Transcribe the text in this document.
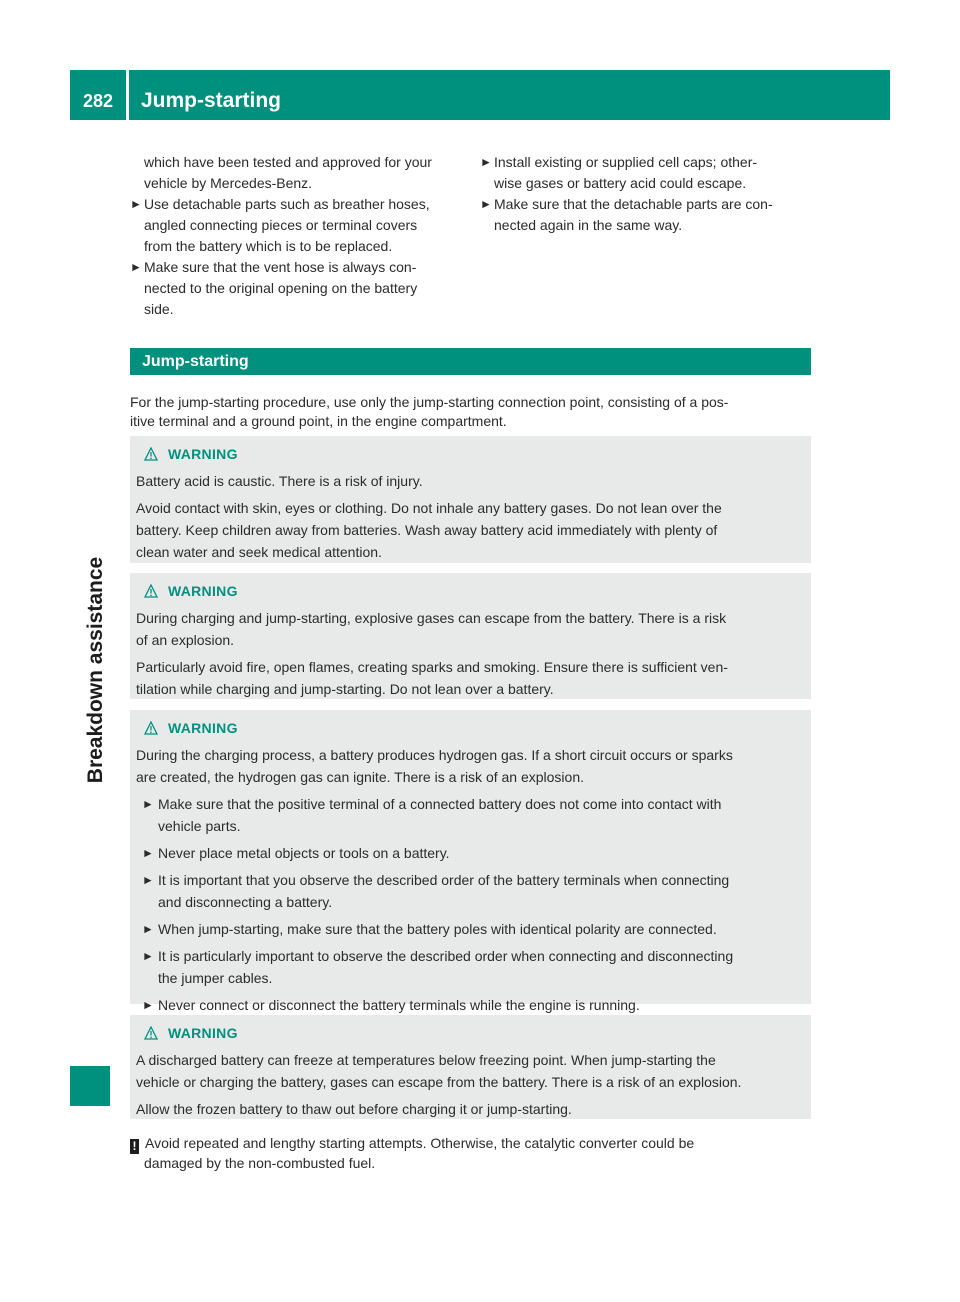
282	Jump-starting
Breakdown assistance

which have been tested and approved for your

vehicle by Mercedes-Benz.

► Use detachable parts such as breather hoses,
angled connecting pieces or terminal covers
from the battery which is to be replaced.
► Make sure that the vent hose is always con-
nected to the original opening on the battery
side.
► Install existing or supplied cell caps; other-
wise gases or battery acid could escape.
► Make sure that the detachable parts are con-
nected again in the same way.
Jump-starting

For the jump-starting procedure, use only the jump-starting connection point, consisting of a pos-
itive terminal and a ground point, in the engine compartment.

WARNING

Battery acid is caustic. There is a risk of injury.

Avoid contact with skin, eyes or clothing. Do not inhale any battery gases. Do not lean over the
battery. Keep children away from batteries. Wash away battery acid immediately with plenty of
clean water and seek medical attention.

WARNING

During charging and jump-starting, explosive gases can escape from the battery. There is a risk
of an explosion.

Particularly avoid fire, open flames, creating sparks and smoking. Ensure there is sufficient ven-
tilation while charging and jump-starting. Do not lean over a battery.

WARNING

During the charging process, a battery produces hydrogen gas. If a short circuit occurs or sparks
are created, the hydrogen gas can ignite. There is a risk of an explosion.

► Make sure that the positive terminal of a connected battery does not come into contact with
vehicle parts.
► Never place metal objects or tools on a battery.
► It is important that you observe the described order of the battery terminals when connecting
and disconnecting a battery.
► When jump-starting, make sure that the battery poles with identical polarity are connected.
► It is particularly important to observe the described order when connecting and disconnecting
the jumper cables.
► Never connect or disconnect the battery terminals while the engine is running.
WARNING

A discharged battery can freeze at temperatures below freezing point. When jump-starting the
vehicle or charging the battery, gases can escape from the battery. There is a risk of an explosion.

Allow the frozen battery to thaw out before charging it or jump-starting.

! Avoid repeated and lengthy starting attempts. Otherwise, the catalytic converter could be
damaged by the non-combusted fuel.
